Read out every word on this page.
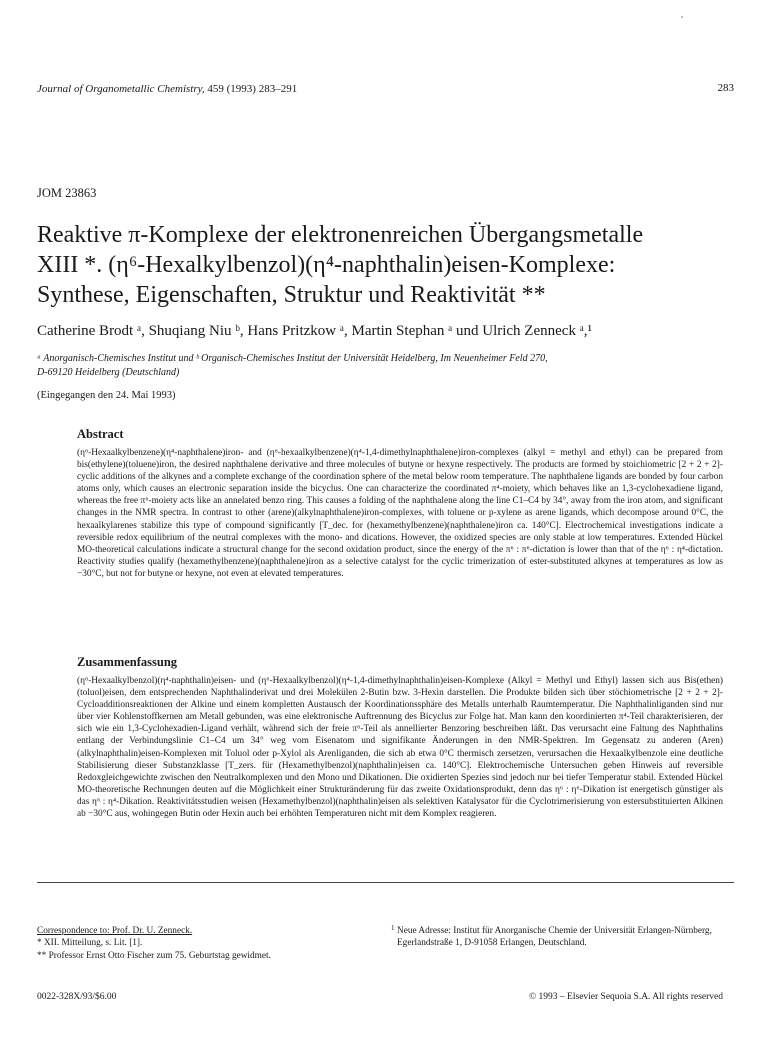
Journal of Organometallic Chemistry, 459 (1993) 283–291	283
JOM 23863
Reaktive π-Komplexe der elektronenreichen Übergangsmetalle
XIII *. (η⁶-Hexalkylbenzol)(η⁴-naphthalin)eisen-Komplexe:
Synthese, Eigenschaften, Struktur und Reaktivität **
Catherine Brodt ᵃ, Shuqiang Niu ᵇ, Hans Pritzkow ᵃ, Martin Stephan ᵃ und Ulrich Zenneck ᵃ,¹
ᵃ Anorganisch-Chemisches Institut und ᵇ Organisch-Chemisches Institut der Universität Heidelberg, Im Neuenheimer Feld 270,
D-69120 Heidelberg (Deutschland)
(Eingegangen den 24. Mai 1993)
Abstract

(η⁶-Hexaalkylbenzene)(η⁴-naphthalene)iron- and (η⁶-hexaalkylbenzene)(η⁴-1,4-dimethylnaphthalene)iron-complexes (alkyl = methyl and ethyl) can be prepared from bis(ethylene)(toluene)iron, the desired naphthalene derivative and three molecules of butyne or hexyne respectively. The products are formed by stoichiometric [2 + 2 + 2]-cyclic additions of the alkynes and a complete exchange of the coordination sphere of the metal below room temperature. The naphthalene ligands are bonded by four carbon atoms only, which causes an electronic separation inside the bicyclus. One can characterize the coordinated π⁴-moiety, which behaves like an 1,3-cyclohexadiene ligand, whereas the free π⁶-moiety acts like an annelated benzo ring. This causes a folding of the naphthalene along the line C1–C4 by 34°, away from the iron atom, and significant changes in the NMR spectra. In contrast to other (arene)(alkylnaphthalene)iron-complexes, with toluene or p-xylene as arene ligands, which decompose around 0°C, the hexaalkylarenes stabilize this type of compound significantly [T_dec. for (hexamethylbenzene)(naphthalene)iron ca. 140°C]. Electrochemical investigations indicate a reversible redox equilibrium of the neutral complexes with the mono- and dications. However, the oxidized species are only stable at low temperatures. Extended Hückel MO-theoretical calculations indicate a structural change for the second oxidation product, since the energy of the π⁶ : π⁶-dictation is lower than that of the η⁶ : η⁴-dictation. Reactivity studies qualify (hexamethylbenzene)(naphthalene)iron as a selective catalyst for the cyclic trimerization of ester-substituted alkynes at temperatures as low as −30°C, but not for butyne or hexyne, not even at elevated temperatures.

Zusammenfassung

(η⁶-Hexaalkylbenzol)(η⁴-naphthalin)eisen- und (η⁶-Hexaalkylbenzol)(η⁴-1,4-dimethylnaphthalin)eisen-Komplexe (Alkyl = Methyl und Ethyl) lassen sich aus Bis(ethen)(toluol)eisen, dem entsprechenden Naphthalinderivat und drei Molekülen 2-Butin bzw. 3-Hexin darstellen. Die Produkte bilden sich über stöchiometrische [2 + 2 + 2]-Cycloadditionsreaktionen der Alkine und einem kompletten Austausch der Koordinationssphäre des Metalls unterhalb Raumtemperatur. Die Naphthalinliganden sind nur über vier Kohlenstoffkernen am Metall gebunden, was eine elektronische Auftrennung des Bicyclus zur Folge hat. Man kann den koordinierten π⁴-Teil charakterisieren, der sich wie ein 1,3-Cyclohexadien-Ligand verhält, während sich der freie π⁶-Teil als annellierter Benzoring beschreiben läßt. Das verursacht eine Faltung des Naphthalins entlang der Verbindungslinie C1–C4 um 34° weg vom Eisenatom und signifikante Änderungen in den NMR-Spektren. Im Gegensatz zu anderen (Aren)(alkylnaphthalin)eisen-Komplexen mit Toluol oder p-Xylol als Arenliganden, die sich ab etwa 0°C thermisch zersetzen, verursachen die Hexaalkylbenzole eine deutliche Stabilisierung dieser Substanzklasse [T_zers. für (Hexamethylbenzol)(naphthalin)eisen ca. 140°C]. Elektrochemische Untersuchen geben Hinweis auf reversible Redoxgleichgewichte zwischen den Neutralkomplexen und den Mono und Dikationen. Die oxidierten Spezies sind jedoch nur bei tiefer Temperatur stabil. Extended Hückel MO-theoretische Rechnungen deuten auf die Möglichkeit einer Strukturänderung für das zweite Oxidationsprodukt, denn das η⁶ : η⁶-Dikation ist energetisch günstiger als das η⁶ : η⁴-Dikation. Reaktivitätsstudien weisen (Hexamethylbenzol)(naphthalin)eisen als selektiven Katalysator für die Cyclotrimerisierung von estersubstituierten Alkinen ab −30°C aus, wohingegen Butin oder Hexin auch bei erhöhten Temperaturen nicht mit dem Komplex reagieren.

Correspondence to: Prof. Dr. U. Zenneck.
* XII. Mitteilung, s. Lit. [1].
** Professor Ernst Otto Fischer zum 75. Geburtstag gewidmet.
1 Neue Adresse: Institut für Anorganische Chemie der Universität Erlangen-Nürnberg, Egerlandstraße 1, D-91058 Erlangen, Deutschland.
0022-328X/93/$6.00	© 1993 – Elsevier Sequoia S.A. All rights reserved
